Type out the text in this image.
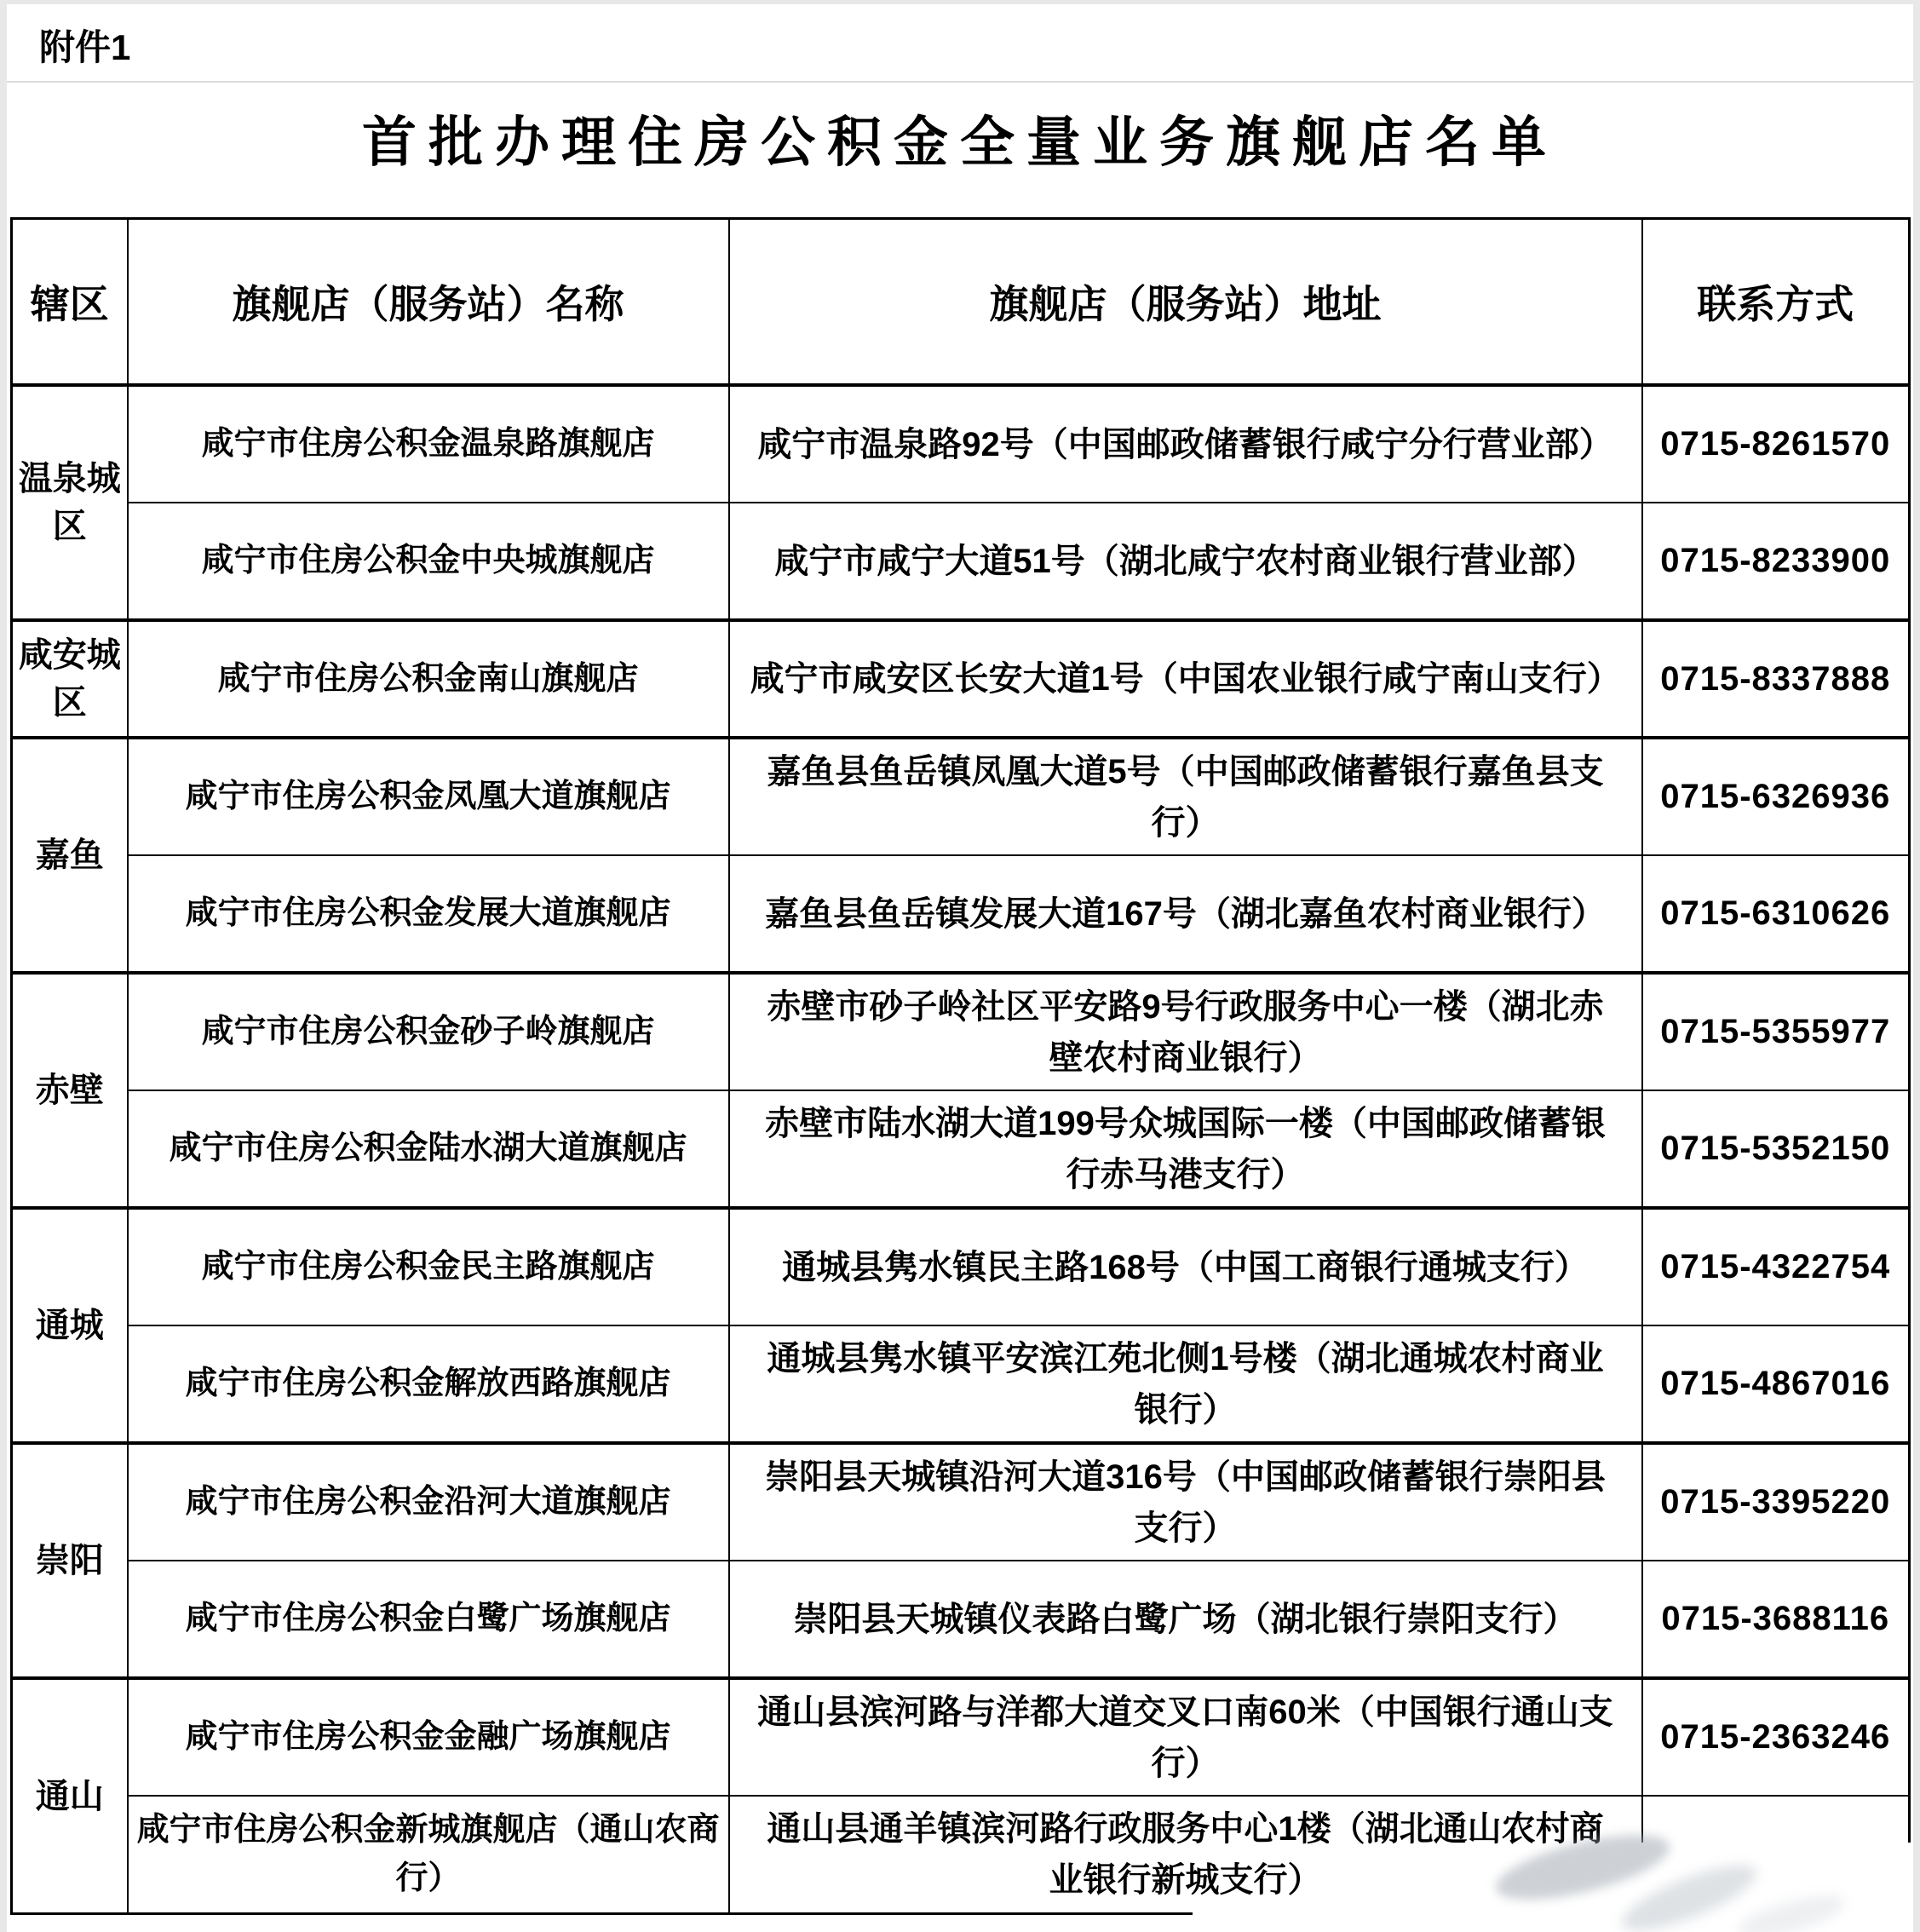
附件1
首批办理住房公积金全量业务旗舰店名单
辖区	旗舰店（服务站）名称	旗舰店（服务站）地址	联系方式
温泉城区	咸宁市住房公积金温泉路旗舰店	咸宁市温泉路92号（中国邮政储蓄银行咸宁分行营业部）	0715-8261570
	咸宁市住房公积金中央城旗舰店	咸宁市咸宁大道51号（湖北咸宁农村商业银行营业部）	0715-8233900
咸安城区	咸宁市住房公积金南山旗舰店	咸宁市咸安区长安大道1号（中国农业银行咸宁南山支行）	0715-8337888
嘉鱼	咸宁市住房公积金凤凰大道旗舰店	嘉鱼县鱼岳镇凤凰大道5号（中国邮政储蓄银行嘉鱼县支行）	0715-6326936
	咸宁市住房公积金发展大道旗舰店	嘉鱼县鱼岳镇发展大道167号（湖北嘉鱼农村商业银行）	0715-6310626
赤壁	咸宁市住房公积金砂子岭旗舰店	赤壁市砂子岭社区平安路9号行政服务中心一楼（湖北赤壁农村商业银行）	0715-5355977
	咸宁市住房公积金陆水湖大道旗舰店	赤壁市陆水湖大道199号众城国际一楼（中国邮政储蓄银行赤马港支行）	0715-5352150
通城	咸宁市住房公积金民主路旗舰店	通城县隽水镇民主路168号（中国工商银行通城支行）	0715-4322754
	咸宁市住房公积金解放西路旗舰店	通城县隽水镇平安滨江苑北侧1号楼（湖北通城农村商业银行）	0715-4867016
崇阳	咸宁市住房公积金沿河大道旗舰店	崇阳县天城镇沿河大道316号（中国邮政储蓄银行崇阳县支行）	0715-3395220
	咸宁市住房公积金白鹭广场旗舰店	崇阳县天城镇仪表路白鹭广场（湖北银行崇阳支行）	0715-3688116
通山	咸宁市住房公积金金融广场旗舰店	通山县滨河路与洋都大道交叉口南60米（中国银行通山支行）	0715-2363246
	咸宁市住房公积金新城旗舰店（通山农商行）	通山县通羊镇滨河路行政服务中心1楼（湖北通山农村商业银行新城支行）	
